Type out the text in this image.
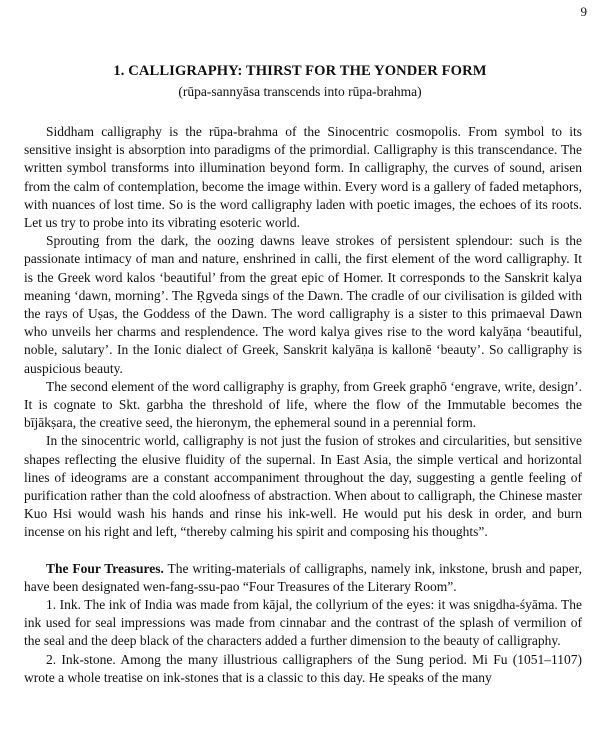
9
1. CALLIGRAPHY: THIRST FOR THE YONDER FORM
(rūpa-sannyāsa transcends into rūpa-brahma)

Siddham calligraphy is the rūpa-brahma of the Sinocentric cosmopolis. From symbol to its sensitive insight is absorption into paradigms of the primordial. Calligraphy is this transcendance. The written symbol transforms into illumination beyond form. In calligraphy, the curves of sound, arisen from the calm of contemplation, become the image within. Every word is a gallery of faded metaphors, with nuances of lost time. So is the word calligraphy laden with poetic images, the echoes of its roots. Let us try to probe into its vibrating esoteric world.

Sprouting from the dark, the oozing dawns leave strokes of persistent splendour: such is the passionate intimacy of man and nature, enshrined in calli, the first element of the word calligraphy. It is the Greek word kalos ‘beautiful’ from the great epic of Homer. It corresponds to the Sanskrit kalya meaning ‘dawn, morning’. The Ṛgveda sings of the Dawn. The cradle of our civilisation is gilded with the rays of Uṣas, the Goddess of the Dawn. The word calligraphy is a sister to this primaeval Dawn who unveils her charms and resplendence. The word kalya gives rise to the word kalyāṇa ‘beautiful, noble, salutary’. In the Ionic dialect of Greek, Sanskrit kalyāṇa is kallonē ‘beauty’. So calligraphy is auspicious beauty.

The second element of the word calligraphy is graphy, from Greek graphō ‘engrave, write, design’. It is cognate to Skt. garbha the threshold of life, where the flow of the Immutable becomes the bījākṣara, the creative seed, the hieronym, the ephemeral sound in a perennial form.

In the sinocentric world, calligraphy is not just the fusion of strokes and circularities, but sensitive shapes reflecting the elusive fluidity of the supernal. In East Asia, the simple vertical and horizontal lines of ideograms are a constant accompaniment throughout the day, suggesting a gentle feeling of purification rather than the cold aloofness of abstraction. When about to calligraph, the Chinese master Kuo Hsi would wash his hands and rinse his ink-well. He would put his desk in order, and burn incense on his right and left, “thereby calming his spirit and composing his thoughts”.

The Four Treasures. The writing-materials of calligraphs, namely ink, inkstone, brush and paper, have been designated wen-fang-ssu-pao “Four Treasures of the Literary Room”.

1. Ink. The ink of India was made from kājal, the collyrium of the eyes: it was snigdha-śyāma. The ink used for seal impressions was made from cinnabar and the contrast of the splash of vermilion of the seal and the deep black of the characters added a further dimension to the beauty of calligraphy.

2. Ink-stone. Among the many illustrious calligraphers of the Sung period. Mi Fu (1051–1107) wrote a whole treatise on ink-stones that is a classic to this day. He speaks of the many
